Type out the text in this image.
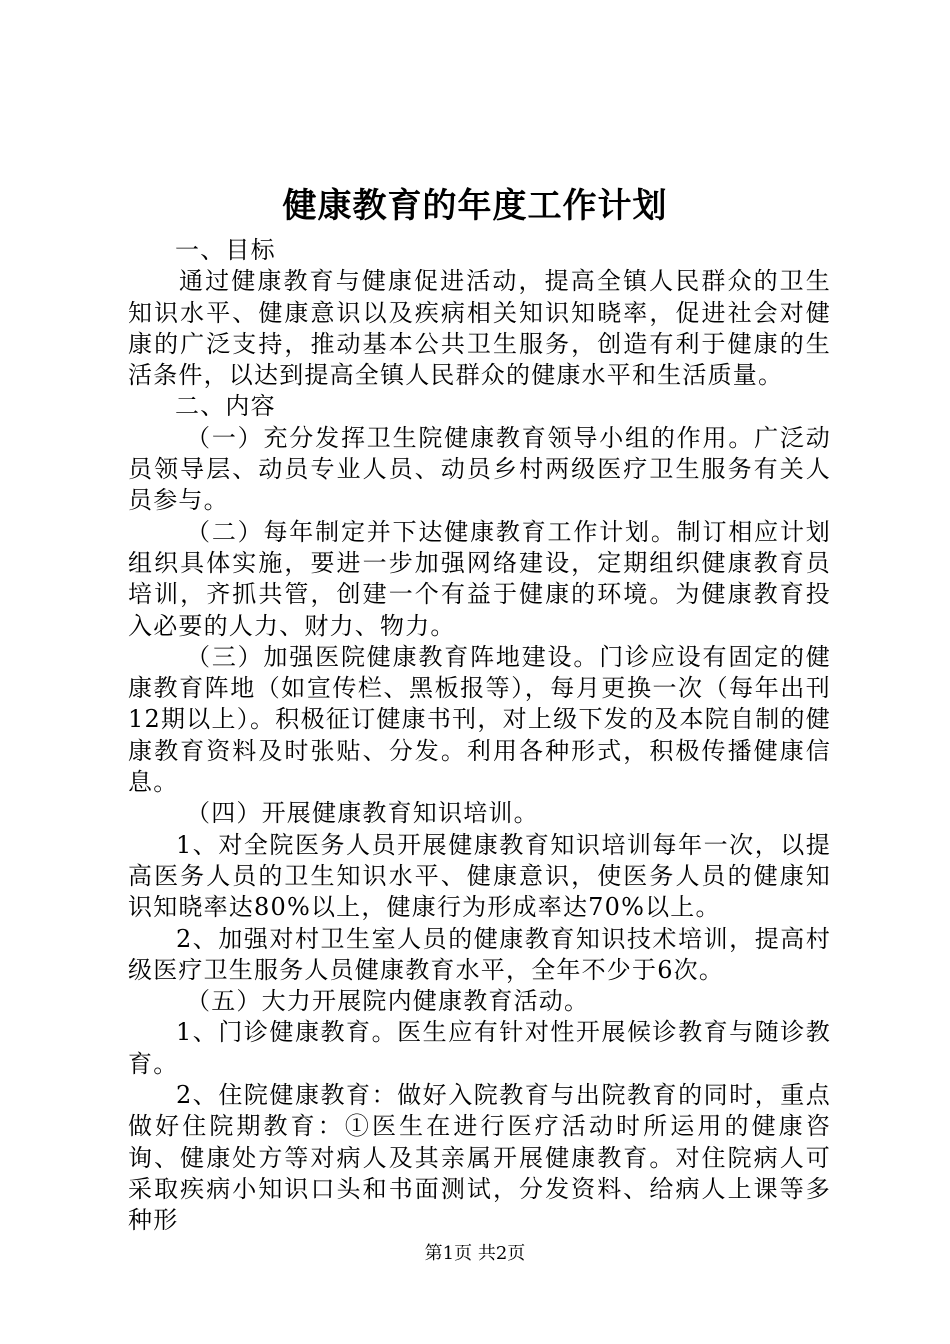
健康教育的年度工作计划

一、目标

通过健康教育与健康促进活动，提高全镇人民群众的卫生知识水平、健康意识以及疾病相关知识知晓率，促进社会对健康的广泛支持，推动基本公共卫生服务，创造有利于健康的生活条件，以达到提高全镇人民群众的健康水平和生活质量。

二、内容

（一）充分发挥卫生院健康教育领导小组的作用。广泛动员领导层、动员专业人员、动员乡村两级医疗卫生服务有关人员参与。

（二）每年制定并下达健康教育工作计划。制订相应计划组织具体实施，要进一步加强网络建设，定期组织健康教育员培训，齐抓共管，创建一个有益于健康的环境。为健康教育投入必要的人力、财力、物力。

（三）加强医院健康教育阵地建设。门诊应设有固定的健康教育阵地（如宣传栏、黑板报等），每月更换一次（每年出刊12期以上）。积极征订健康书刊，对上级下发的及本院自制的健康教育资料及时张贴、分发。利用各种形式，积极传播健康信息。

（四）开展健康教育知识培训。

1、对全院医务人员开展健康教育知识培训每年一次，以提高医务人员的卫生知识水平、健康意识，使医务人员的健康知识知晓率达80%以上，健康行为形成率达70%以上。

2、加强对村卫生室人员的健康教育知识技术培训，提高村级医疗卫生服务人员健康教育水平，全年不少于6次。

（五）大力开展院内健康教育活动。

1、门诊健康教育。医生应有针对性开展候诊教育与随诊教育。

2、住院健康教育：做好入院教育与出院教育的同时，重点做好住院期教育：①医生在进行医疗活动时所运用的健康咨询、健康处方等对病人及其亲属开展健康教育。对住院病人可采取疾病小知识口头和书面测试，分发资料、给病人上课等多种形

第1页 共2页
